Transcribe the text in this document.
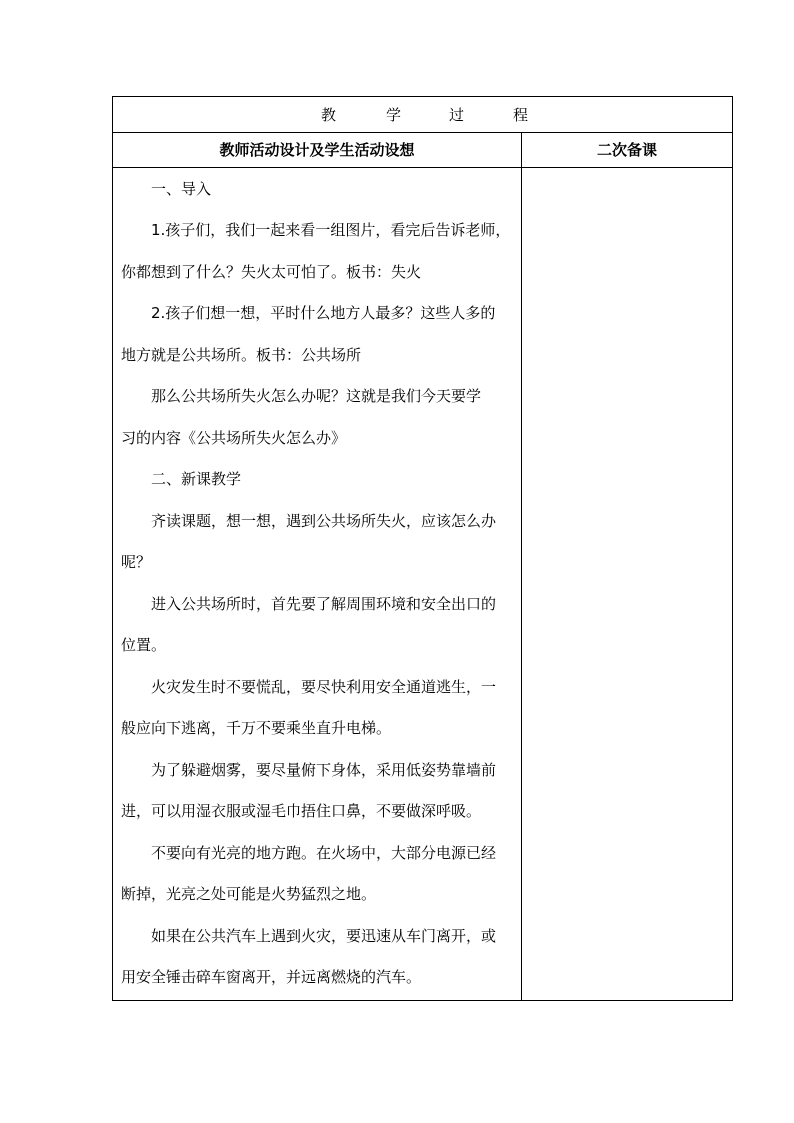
教	学	过	程
教师活动设计及学生活动设想	二次备课
一、导入
1.孩子们，我们一起来看一组图片，看完后告诉老师，
你都想到了什么？失火太可怕了。板书：失火
2.孩子们想一想，平时什么地方人最多？这些人多的
地方就是公共场所。板书：公共场所
那么公共场所失火怎么办呢？这就是我们今天要学
习的内容《公共场所失火怎么办》
二、新课教学
齐读课题，想一想，遇到公共场所失火，应该怎么办
呢？
进入公共场所时，首先要了解周围环境和安全出口的
位置。
火灾发生时不要慌乱，要尽快利用安全通道逃生，一
般应向下逃离，千万不要乘坐直升电梯。
为了躲避烟雾，要尽量俯下身体，采用低姿势靠墙前
进，可以用湿衣服或湿毛巾捂住口鼻，不要做深呼吸。
不要向有光亮的地方跑。在火场中，大部分电源已经
断掉，光亮之处可能是火势猛烈之地。
如果在公共汽车上遇到火灾，要迅速从车门离开，或
用安全锤击碎车窗离开，并远离燃烧的汽车。
